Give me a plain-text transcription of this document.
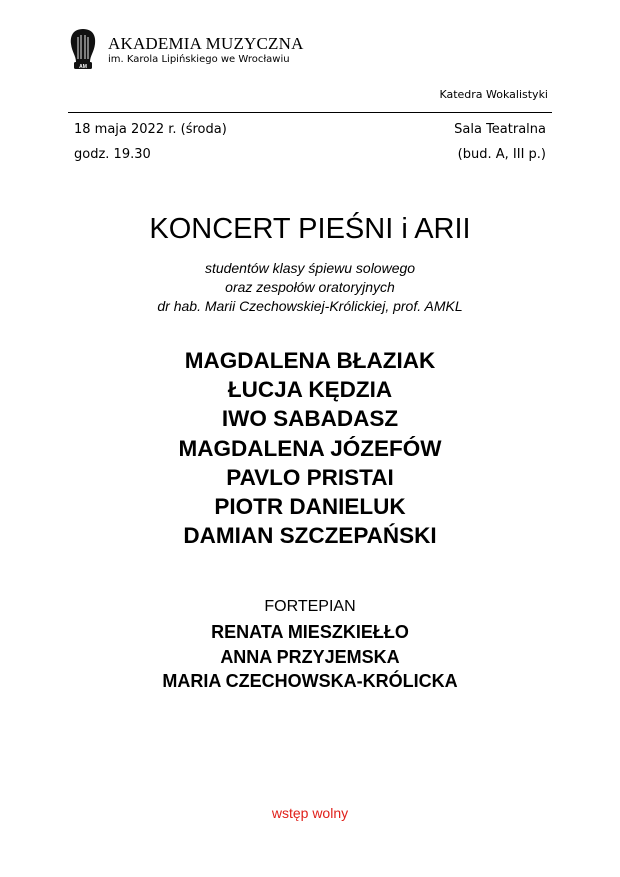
AM
AKADEMIA MUZYCZNA
im. Karola Lipińskiego we Wrocławiu
Katedra Wokalistyki
18 maja 2022 r. (środa)
godz. 19.30
Sala Teatralna
(bud. A, III p.)
KONCERT PIEŚNI i ARII
studentów klasy śpiewu solowego
oraz zespołów oratoryjnych
dr hab. Marii Czechowskiej-Królickiej, prof. AMKL
MAGDALENA BŁAZIAK
ŁUCJA KĘDZIA
IWO SABADASZ
MAGDALENA JÓZEFÓW
PAVLO PRISTAI
PIOTR DANIELUK
DAMIAN SZCZEPAŃSKI
FORTEPIAN
RENATA MIESZKIEŁŁO
ANNA PRZYJEMSKA
MARIA CZECHOWSKA-KRÓLICKA
wstęp wolny
